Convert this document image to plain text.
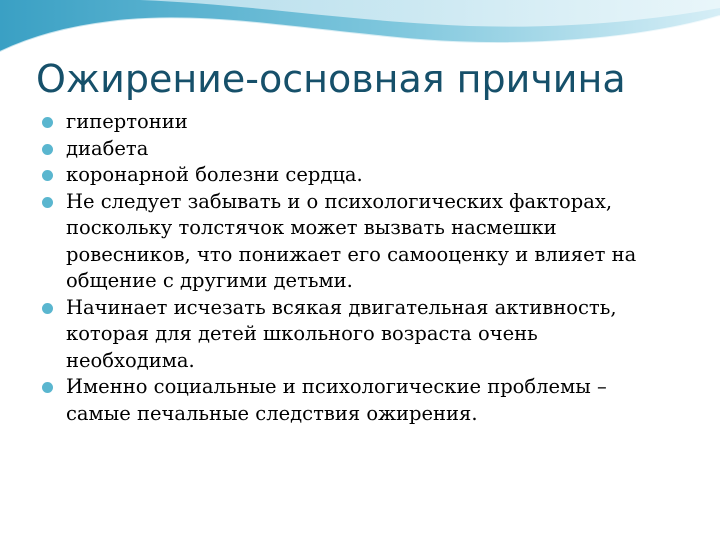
Ожирение-основная причина
гипертонии
диабета
коронарной болезни сердца.
Не следует забывать и о психологических факторах,
поскольку толстячок может вызвать насмешки
ровесников, что понижает его самооценку и влияет на
общение с другими детьми.
Начинает исчезать всякая двигательная активность,
которая для детей школьного возраста очень
необходима.
Именно социальные и психологические проблемы –
самые печальные следствия ожирения.
